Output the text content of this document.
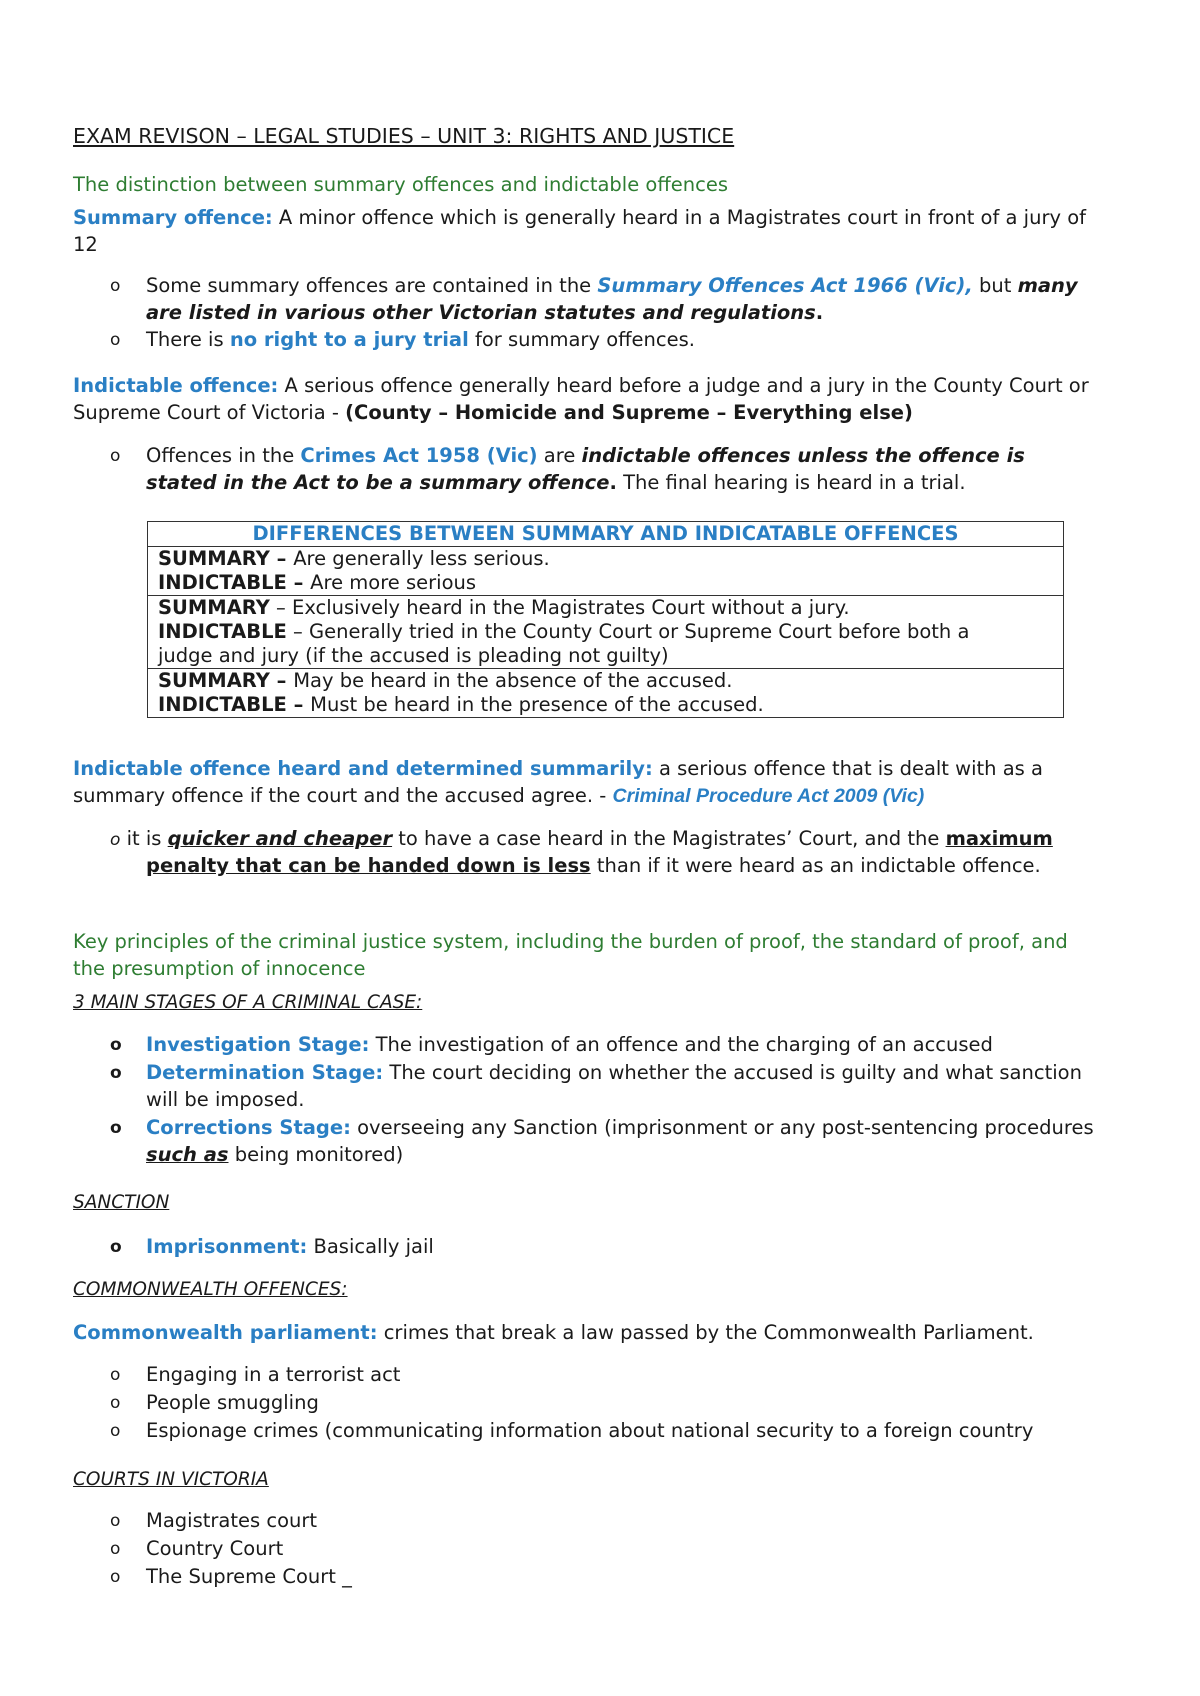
EXAM REVISON – LEGAL STUDIES – UNIT 3: RIGHTS AND JUSTICE
The distinction between summary offences and indictable offences
Summary offence: A minor offence which is generally heard in a Magistrates court in front of a jury of
12
o Some summary offences are contained in the Summary Offences Act 1966 (Vic), but many
are listed in various other Victorian statutes and regulations.
o There is no right to a jury trial for summary offences.
Indictable offence: A serious offence generally heard before a judge and a jury in the County Court or
Supreme Court of Victoria - (County – Homicide and Supreme – Everything else)
o Offences in the Crimes Act 1958 (Vic) are indictable offences unless the offence is
stated in the Act to be a summary offence. The final hearing is heard in a trial.
DIFFERENCES BETWEEN SUMMARY AND INDICATABLE OFFENCES

SUMMARY – Are generally less serious.
INDICTABLE – Are more serious

SUMMARY – Exclusively heard in the Magistrates Court without a jury.
INDICTABLE – Generally tried in the County Court or Supreme Court before both a
judge and jury (if the accused is pleading not guilty)

SUMMARY – May be heard in the absence of the accused.
INDICTABLE – Must be heard in the presence of the accused.
Indictable offence heard and determined summarily: a serious offence that is dealt with as a
summary offence if the court and the accused agree. - Criminal Procedure Act 2009 (Vic)
o it is quicker and cheaper to have a case heard in the Magistrates’ Court, and the maximum
penalty that can be handed down is less than if it were heard as an indictable offence.
Key principles of the criminal justice system, including the burden of proof, the standard of proof, and
the presumption of innocence
3 MAIN STAGES OF A CRIMINAL CASE:
o Investigation Stage: The investigation of an offence and the charging of an accused
o Determination Stage: The court deciding on whether the accused is guilty and what sanction
will be imposed.
o Corrections Stage: overseeing any Sanction (imprisonment or any post-sentencing procedures
such as being monitored)
SANCTION
o Imprisonment: Basically jail
COMMONWEALTH OFFENCES:
Commonwealth parliament: crimes that break a law passed by the Commonwealth Parliament.
o Engaging in a terrorist act
o People smuggling
o Espionage crimes (communicating information about national security to a foreign country
COURTS IN VICTORIA
o Magistrates court
o Country Court
o The Supreme Court _
